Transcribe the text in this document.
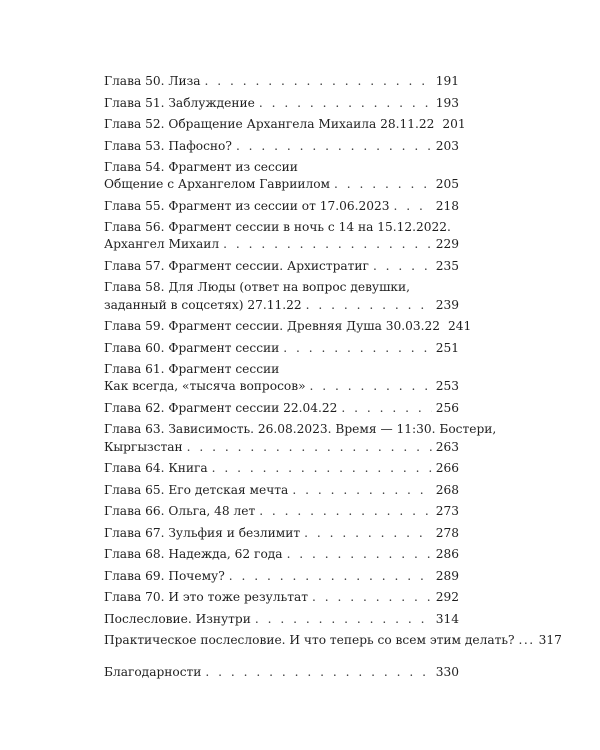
Глава 50. Лиза . . .	191
Глава 51. Заблуждение . . .	193
Глава 52. Обращение Архангела Михаила 28.11.22 201
Глава 53. Пафосно? . . .	203
Глава 54. Фрагмент из сессии
Общение с Архангелом Гавриилом . . .	205
Глава 55. Фрагмент из сессии от 17.06.2023 . . .	218
Глава 56. Фрагмент сессии в ночь с 14 на 15.12.2022.
Архангел Михаил . . .	229
Глава 57. Фрагмент сессии. Архистратиг . . .	235
Глава 58. Для Люды (ответ на вопрос девушки,
заданный в соцсетях) 27.11.22 . . .	239
Глава 59. Фрагмент сессии. Древняя Душа 30.03.22 241
Глава 60. Фрагмент сессии . . .	251
Глава 61. Фрагмент сессии
Как всегда, «тысяча вопросов» . . .	253
Глава 62. Фрагмент сессии 22.04.22 . . .	256
Глава 63. Зависимость. 26.08.2023. Время — 11:30. Бостери,
Кыргызстан . . .	263
Глава 64. Книга . . .	266
Глава 65. Его детская мечта . . .	268
Глава 66. Ольга, 48 лет . . .	273
Глава 67. Зульфия и безлимит . . .	278
Глава 68. Надежда, 62 года . . .	286
Глава 69. Почему? . . .	289
Глава 70. И это тоже результат . . .	292
Послесловие. Изнутри . . .	314
Практическое послесловие. И что теперь со всем этим делать? ... 317
Благодарности . . .	330
